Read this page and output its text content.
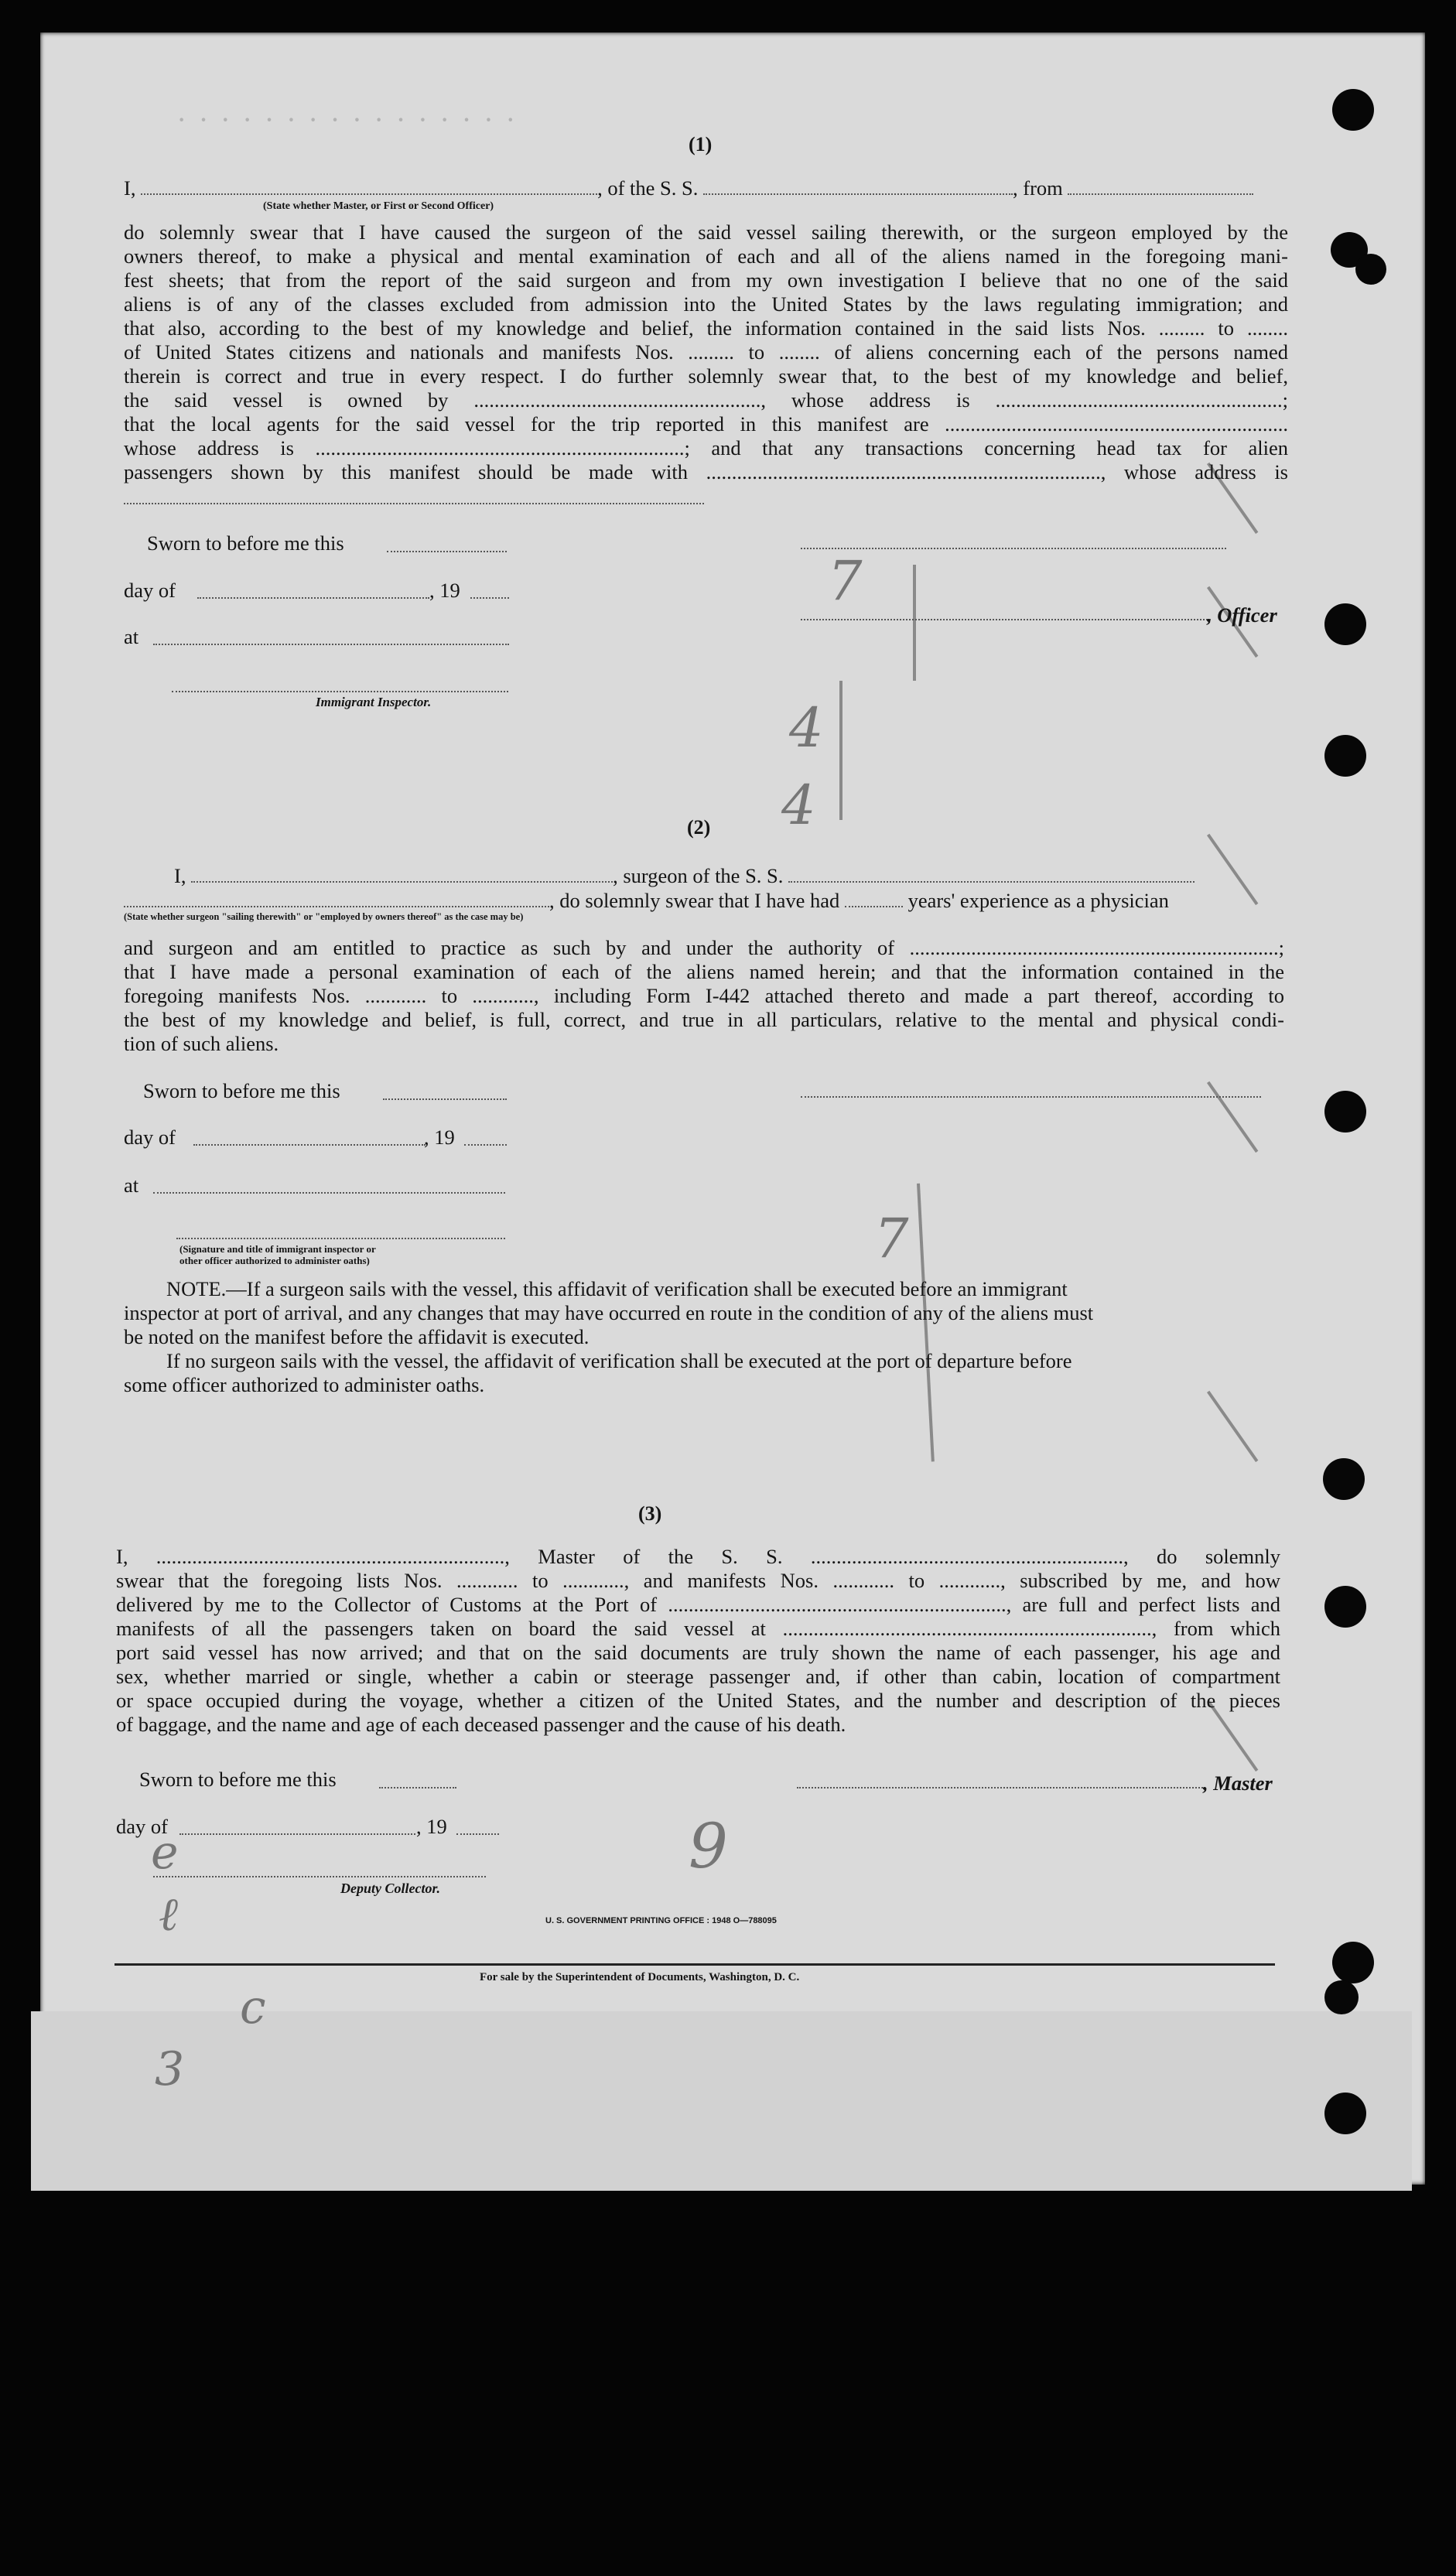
7
4
4
7
9
e
ℓ
c
3
· · · · · · · · · · · · · · · ·
(1)
I,	, of the S. S.	, from
(State whether Master, or First or Second Officer)
do solemnly swear that I have caused the surgeon of the said vessel sailing therewith, or the surgeon employed by the
owners thereof, to make a physical and mental examination of each and all of the aliens named in the foregoing mani-
fest sheets; that from the report of the said surgeon and from my own investigation I believe that no one of the said
aliens is of any of the classes excluded from admission into the United States by the laws regulating immigration; and
that also, according to the best of my knowledge and belief, the information contained in the said lists Nos. ......... to ........
of United States citizens and nationals and manifests Nos. ......... to ........ of aliens concerning each of the persons named
therein is correct and true in every respect. I do further solemnly swear that, to the best of my knowledge and belief,
the said vessel is owned by ........................................................, whose address is ........................................................;
that the local agents for the said vessel for the trip reported in this manifest are ...................................................................
whose address is ........................................................................; and that any transactions concerning head tax for alien
passengers shown by this manifest should be made with ............................................................................., whose address is
Sworn to before me this
day of	, 19
, Officer
at
Immigrant Inspector.
(2)
I,	, surgeon of the S. S.
, do solemnly swear that I have had	years' experience as a physician
(State whether surgeon "sailing therewith" or "employed by owners thereof" as the case may be)
and surgeon and am entitled to practice as such by and under the authority of ........................................................................;
that I have made a personal examination of each of the aliens named herein; and that the information contained in the
foregoing manifests Nos. ............ to ............, including Form I-442 attached thereto and made a part thereof, according to
the best of my knowledge and belief, is full, correct, and true in all particulars, relative to the mental and physical condi-
tion of such aliens.
Sworn to before me this
day of	, 19
at
(Signature and title of immigrant inspector or
other officer authorized to administer oaths)
NOTE.—If a surgeon sails with the vessel, this affidavit of verification shall be executed before an immigrant
inspector at port of arrival, and any changes that may have occurred en route in the condition of any of the aliens must
be noted on the manifest before the affidavit is executed.
If no surgeon sails with the vessel, the affidavit of verification shall be executed at the port of departure before
some officer authorized to administer oaths.
(3)
I, ...................................................................., Master of the S. S. ............................................................., do solemnly
swear that the foregoing lists Nos. ............ to ............, and manifests Nos. ............ to ............, subscribed by me, and how
delivered by me to the Collector of Customs at the Port of .................................................................., are full and perfect lists and
manifests of all the passengers taken on board the said vessel at ........................................................................, from which
port said vessel has now arrived; and that on the said documents are truly shown the name of each passenger, his age and
sex, whether married or single, whether a cabin or steerage passenger and, if other than cabin, location of compartment
or space occupied during the voyage, whether a citizen of the United States, and the number and description of the pieces
of baggage, and the name and age of each deceased passenger and the cause of his death.
Sworn to before me this	, Master
day of	, 19
Deputy Collector.
U. S. GOVERNMENT PRINTING OFFICE : 1948 O—788095
For sale by the Superintendent of Documents, Washington, D. C.
